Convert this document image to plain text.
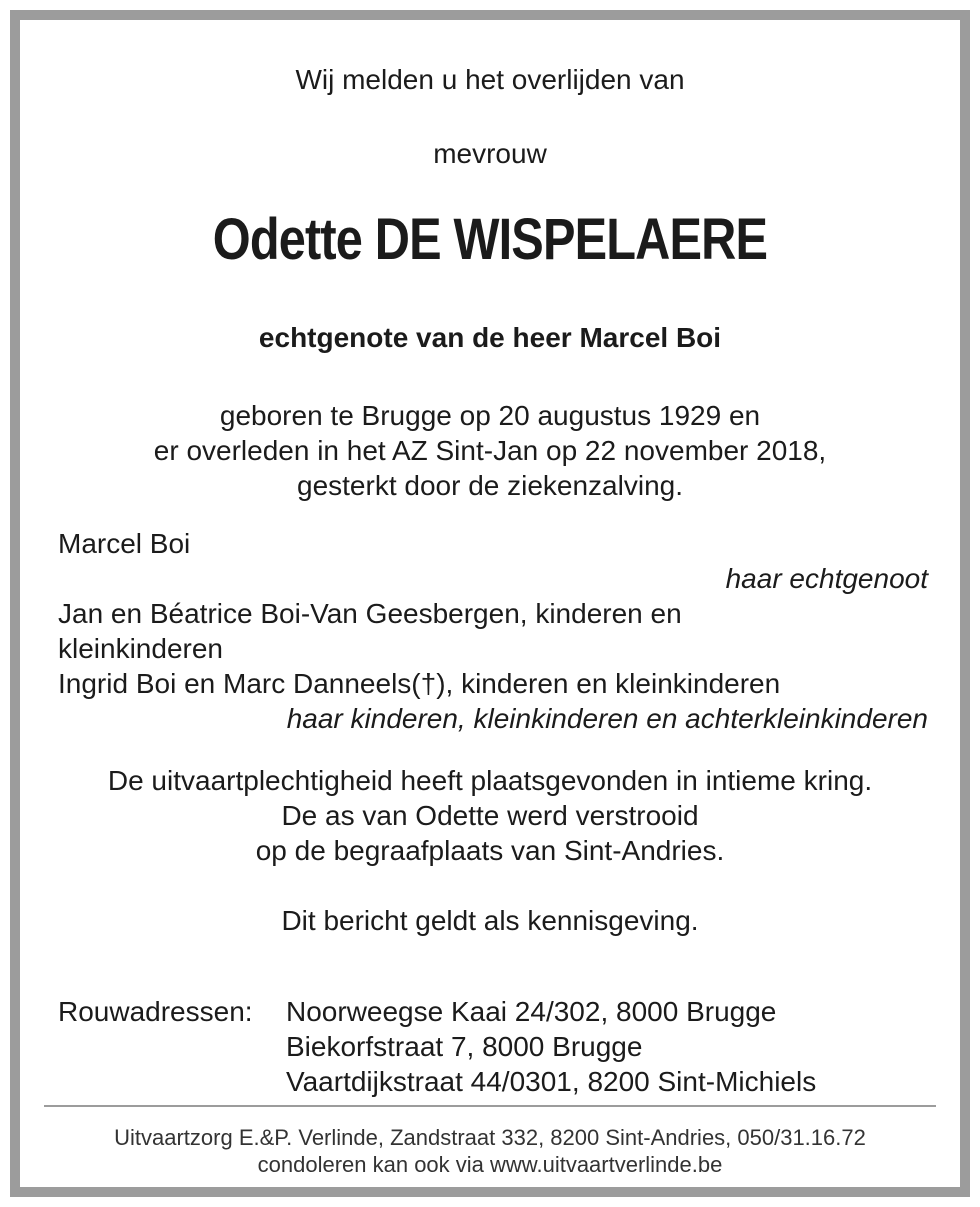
Wij melden u het overlijden van
mevrouw
Odette DE WISPELAERE
echtgenote van de heer Marcel Boi
geboren te Brugge op 20 augustus 1929 en
er overleden in het AZ Sint-Jan op 22 november 2018,
gesterkt door de ziekenzalving.
Marcel Boi
haar echtgenoot
Jan en Béatrice Boi-Van Geesbergen, kinderen en
kleinkinderen
Ingrid Boi en Marc Danneels(†), kinderen en kleinkinderen
haar kinderen, kleinkinderen en achterkleinkinderen
De uitvaartplechtigheid heeft plaatsgevonden in intieme kring.
De as van Odette werd verstrooid
op de begraafplaats van Sint-Andries.
Dit bericht geldt als kennisgeving.
Rouwadressen: Noorweegse Kaai 24/302, 8000 Brugge
Biekorfstraat 7, 8000 Brugge
Vaartdijkstraat 44/0301, 8200 Sint-Michiels
Uitvaartzorg E.&P. Verlinde, Zandstraat 332, 8200 Sint-Andries, 050/31.16.72
condoleren kan ook via www.uitvaartverlinde.be
